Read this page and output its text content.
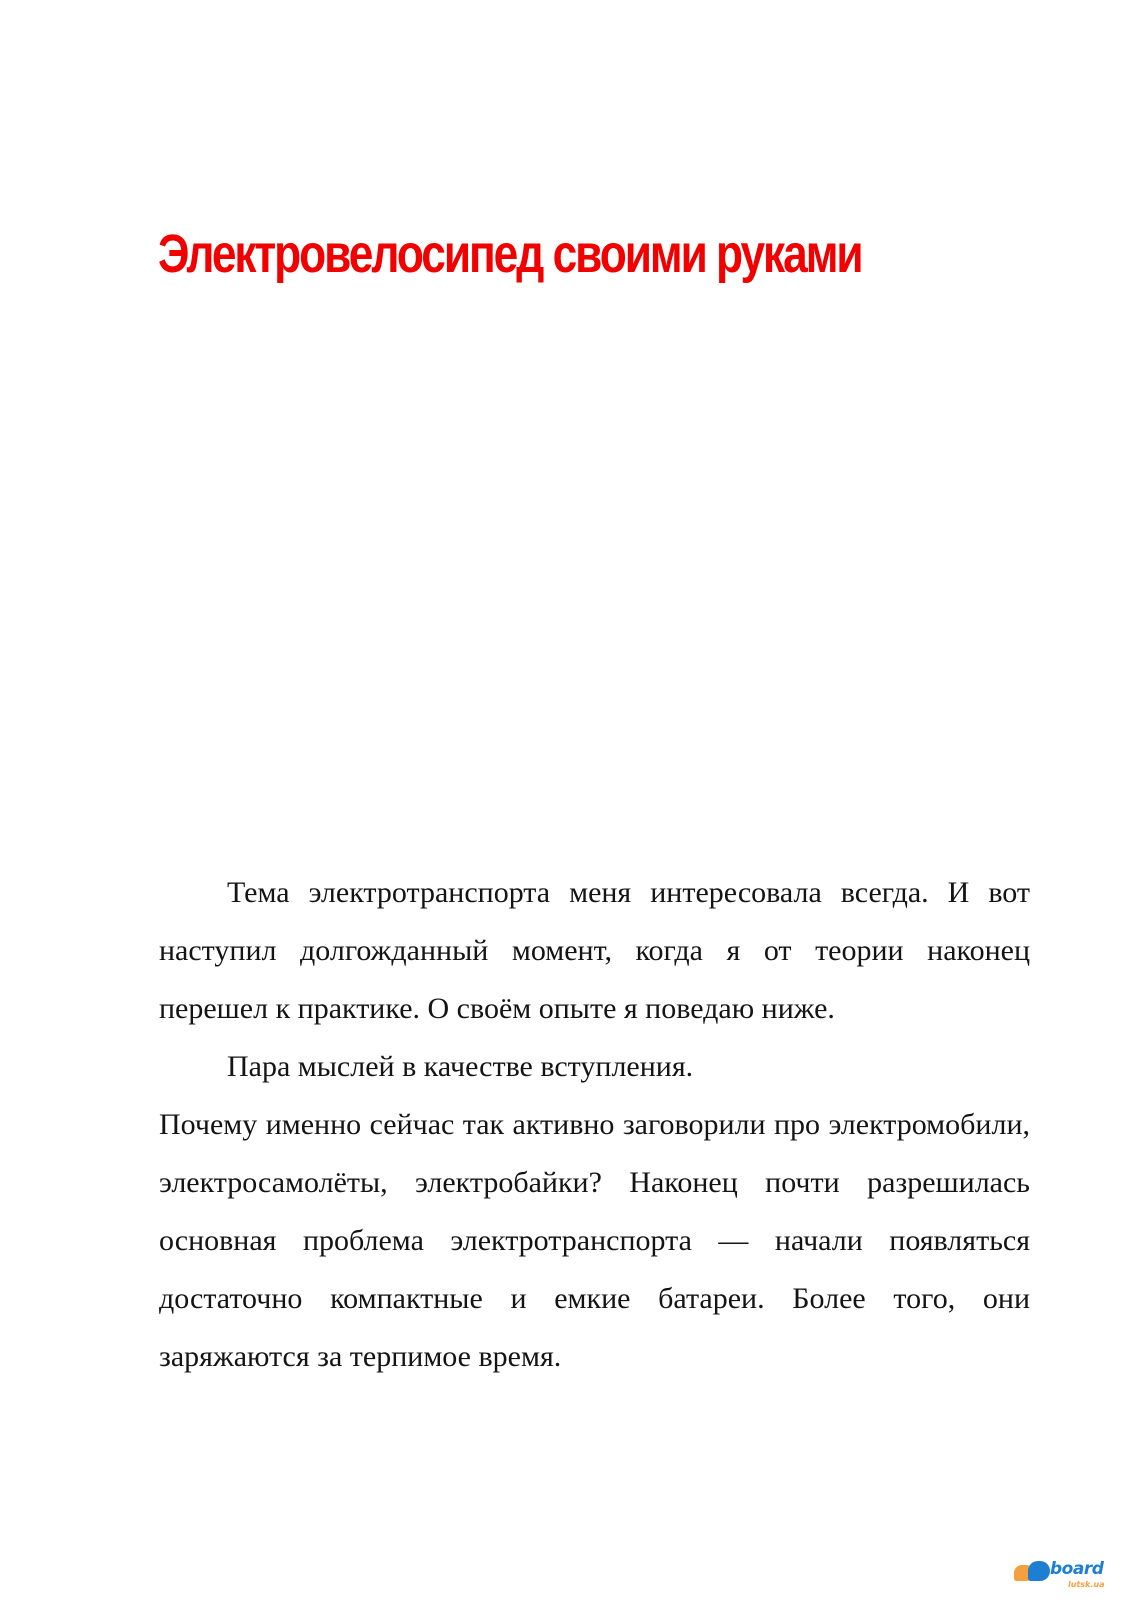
Электровелосипед своими руками

Тема электротранспорта меня интересовала всегда. И вот наступил долгожданный момент, когда я от теории наконец перешел к практике. О своём опыте я поведаю ниже.

Пара мыслей в качестве вступления.

Почему именно сейчас так активно заговорили про электромобили, электросамолёты, электробайки? Наконец почти разрешилась основная проблема электротранспорта — начали появляться достаточно компактные и емкие батареи. Более того, они заряжаются за терпимое время.

board
lutsk.ua
